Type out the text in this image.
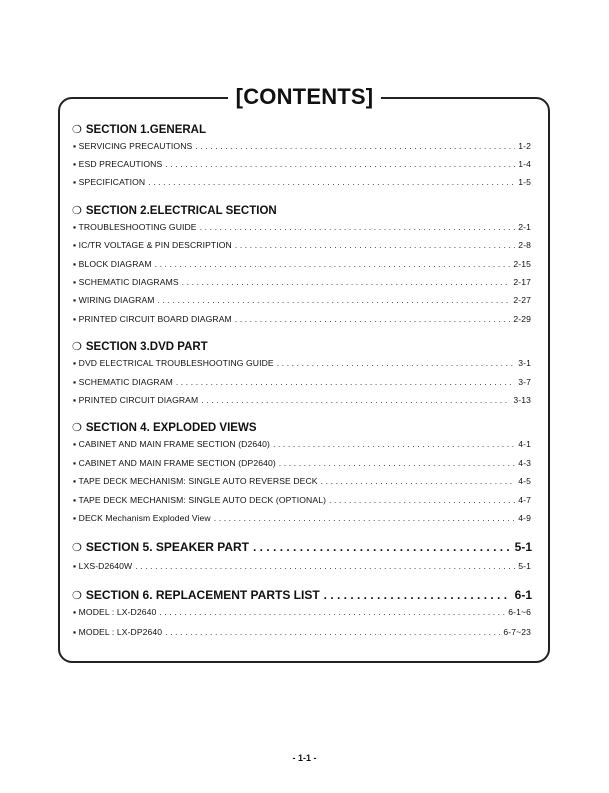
[CONTENTS]
❍ SECTION 1.GENERAL
▪ SERVICING PRECAUTIONS . . .	1-2
▪ ESD PRECAUTIONS . . .	1-4
▪ SPECIFICATION . . .	1-5
❍ SECTION 2.ELECTRICAL SECTION
▪ TROUBLESHOOTING GUIDE . . .	2-1
▪ IC/TR VOLTAGE & PIN DESCRIPTION . . .	2-8
▪ BLOCK DIAGRAM . . .	2-15
▪ SCHEMATIC DIAGRAMS . . .	2-17
▪ WIRING DIAGRAM . . .	2-27
▪ PRINTED CIRCUIT BOARD DIAGRAM . . .	2-29
❍ SECTION 3.DVD PART
▪ DVD ELECTRICAL TROUBLESHOOTING GUIDE . . .	3-1
▪ SCHEMATIC DIAGRAM . . .	3-7
▪ PRINTED CIRCUIT DIAGRAM . . .	3-13
❍ SECTION 4. EXPLODED VIEWS
▪ CABINET AND MAIN FRAME SECTION (D2640) . . .	4-1
▪ CABINET AND MAIN FRAME SECTION (DP2640) . . .	4-3
▪ TAPE DECK MECHANISM: SINGLE AUTO REVERSE DECK . . .	4-5
▪ TAPE DECK MECHANISM: SINGLE AUTO DECK (OPTIONAL) . . .	4-7
▪ DECK Mechanism Exploded View . . .	4-9
❍ SECTION 5. SPEAKER PART . . .	5-1
▪ LXS-D2640W . . .	5-1
❍ SECTION 6. REPLACEMENT PARTS LIST . . .	6-1
▪ MODEL : LX-D2640 . . .	6-1~6
▪ MODEL : LX-DP2640 . . .	6-7~23
- 1-1 -
